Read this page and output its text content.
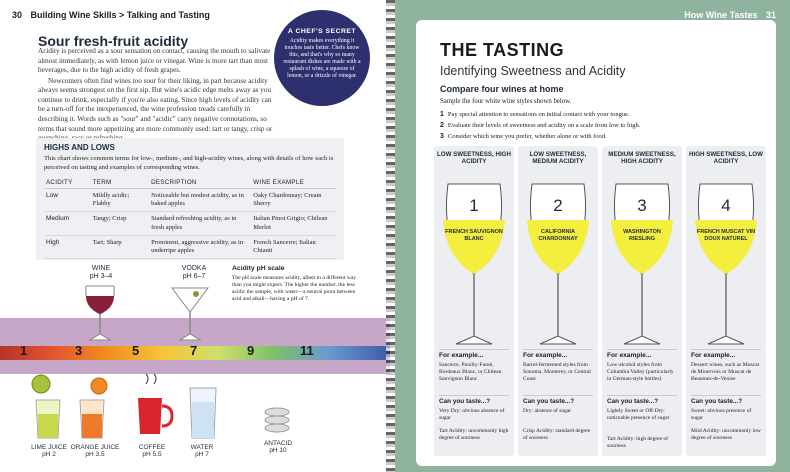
30 Building Wine Skills > Talking and Tasting
Sour fresh-fruit acidity

Acidity is perceived as a sour sensation on contact, causing the mouth to salivate almost immediately, as with lemon juice or vinegar. Wine is more tart than most beverages, due to the high acidity of fresh grapes.

Newcomers often find wines too sour for their liking, in part because acidity always seems strongest on the first sip. But wine's acidic edge melts away as you continue to drink, especially if you're also eating. Since high levels of acidity can be a turn-off for the inexperienced, the wine profession treads carefully in describing it. Words such as "sour" and "acidic" carry negative connotations, so terms that sound more appetizing are more commonly used: tart or tangy, crisp or

A CHEF'S SECRET
Acidity makes everything it touches taste better. Chefs know this, and that's why so many restaurant dishes are made with a splash of wine, a squeeze of lemon, or a drizzle of vinegar.
HIGHS AND LOWS
This chart shows common terms for low-, medium-, and high-acidity wines, along with details of how each is perceived on tasting and examples of corresponding wines.
ACIDITY	TERM	DESCRIPTION	WINE EXAMPLE
Low	Mildly acidic; Flabby	Noticeable but modest acidity, as in baked apples	Oaky Chardonnay; Cream Sherry
Medium	Tangy; Crisp	Standard refreshing acidity, as in fresh apples	Italian Pinot Grigio; Chilean Merlot
High	Tart; Sharp	Prominent, aggressive acidity, as in underripe apples	French Sancerre; Italian Chianti
WINE
pH 3–4
VODKA
pH 6–7
Acidity pH scale
The pH scale measures acidity, albeit in a different way than you might expect. The higher the number, the less acidic the sample, with water—a neutral point between acid and alkali—having a pH of 7.
1	3	5	7	9	11
LIME JUICE
pH 2
ORANGE JUICE
pH 3.5
COFFEE
pH 5.5
WATER
pH 7
ANTACID
pH 10
How Wine Tastes 31
THE TASTING
Identifying Sweetness and Acidity
Compare four wines at home
Sample the four white wine styles shown below.
1 Pay special attention to sensations on initial contact with your tongue.
2 Evaluate their levels of sweetness and acidity on a scale from low to high.
3 Consider which wine you prefer, whether alone or with food.
LOW SWEETNESS, HIGH ACIDITY
1
FRENCH SAUVIGNON BLANC
For example...
Sancerre, Pouilly-Fumé, Bordeaux Blanc, or Chilean Sauvignon Blanc
Can you taste...?
Very Dry: obvious absence of sugar
Tart Acidity: uncommonly high degree of sourness
LOW SWEETNESS, MEDIUM ACIDITY
2
CALIFORNIA CHARDONNAY
For example...
Barrel-fermented styles from Sonoma, Monterey, or Central Coast
Can you taste...?
Dry: absence of sugar
Crisp Acidity: standard degree of sourness
MEDIUM SWEETNESS, HIGH ACIDITY
3
WASHINGTON RIESLING
For example...
Low-alcohol styles from Columbia Valley (particularly in German-style bottles)
Can you taste...?
Lightly Sweet or Off-Dry: noticeable presence of sugar
Tart Acidity: high degree of sourness
HIGH SWEETNESS, LOW ACIDITY
4
FRENCH MUSCAT VIN DOUX NATUREL
For example...
Dessert wines, such as Muscat de Minervois or Muscat de Beaumes-de-Venise
Can you taste...?
Sweet: obvious presence of sugar
Mild Acidity: uncommonly low degree of sourness
